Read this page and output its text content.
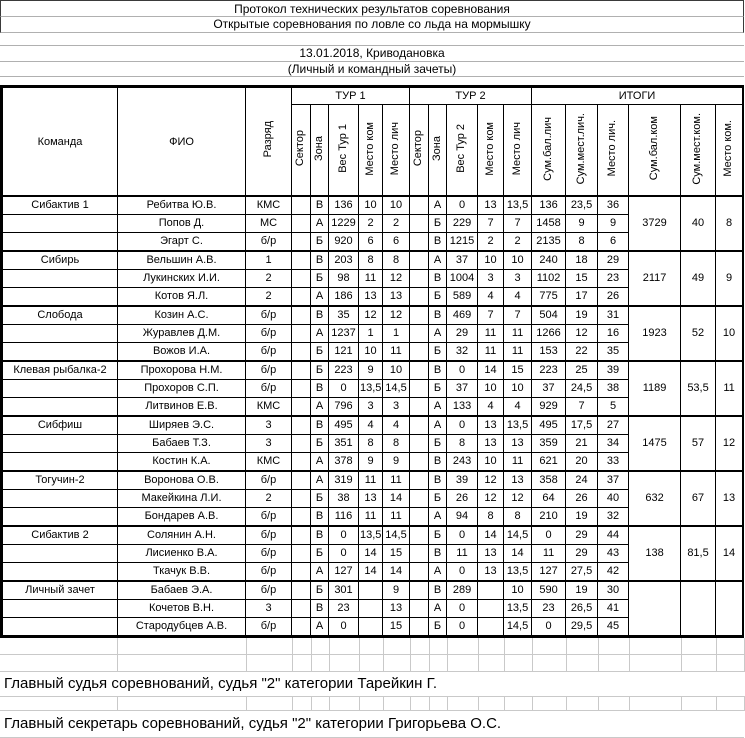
Протокол технических результатов соревнования
Открытые соревнования по ловле со льда на мормышку
13.01.2018, Криводановка
(Личный и командный зачеты)
Команда	ФИО	Разряд	ТУР 1					ТУР 2					ИТОГИ					
			Сектор	Зона	Вес Тур 1	Место ком	Место лич	Сектор	Зона	Вес Тур 2	Место ком	Место лич	Сум.бал.лич	Сум.мест.лич.	Место лич.	Сум.бал.ком	Сум.мест.ком.	Место ком.
Сибактив 1	Ребитва Ю.В.	КМС		В	136	10	10		А	0	13	13,5	136	23,5	36	3729	40	8
	Попов Д.	МС		А	1229	2	2		Б	229	7	7	1458	9	9			
	Эгарт С.	б/р		Б	920	6	6		В	1215	2	2	2135	8	6			
Сибирь	Вельшин А.В.	1		В	203	8	8		А	37	10	10	240	18	29	2117	49	9
	Лукинских И.И.	2		Б	98	11	12		В	1004	3	3	1102	15	23			
	Котов Я.Л.	2		А	186	13	13		Б	589	4	4	775	17	26			
Слобода	Козин А.С.	б/р		В	35	12	12		В	469	7	7	504	19	31	1923	52	10
	Журавлев Д.М.	б/р		А	1237	1	1		А	29	11	11	1266	12	16			
	Вожов И.А.	б/р		Б	121	10	11		Б	32	11	11	153	22	35			
Клевая рыбалка-2	Прохорова Н.М.	б/р		Б	223	9	10		В	0	14	15	223	25	39	1189	53,5	11
	Прохоров С.П.	б/р		В	0	13,5	14,5		Б	37	10	10	37	24,5	38			
	Литвинов Е.В.	КМС		А	796	3	3		А	133	4	4	929	7	5			
Сибфиш	Ширяев Э.С.	3		В	495	4	4		А	0	13	13,5	495	17,5	27	1475	57	12
	Бабаев Т.З.	3		Б	351	8	8		Б	8	13	13	359	21	34			
	Костин К.А.	КМС		А	378	9	9		В	243	10	11	621	20	33			
Тогучин-2	Воронова О.В.	б/р		А	319	11	11		В	39	12	13	358	24	37	632	67	13
	Макейкина Л.И.	2		Б	38	13	14		Б	26	12	12	64	26	40			
	Бондарев А.В.	б/р		В	116	11	11		А	94	8	8	210	19	32			
Сибактив 2	Солянин А.Н.	б/р		В	0	13,5	14,5		Б	0	14	14,5	0	29	44	138	81,5	14
	Лисиенко В.А.	б/р		Б	0	14	15		В	11	13	14	11	29	43			
	Ткачук В.В.	б/р		А	127	14	14		А	0	13	13,5	127	27,5	42			
Личный зачет	Бабаев Э.А.	б/р		Б	301		9		В	289		10	590	19	30			
	Кочетов В.Н.	3		В	23		13		А	0		13,5	23	26,5	41			
	Стародубцев А.В.	б/р		А	0		15		Б	0		14,5	0	29,5	45			

Главный судья соревнований, судья "2" категории Тарейкин Г.																		

Главный секретарь соревнований, судья "2" категории Григорьева О.С.																		
